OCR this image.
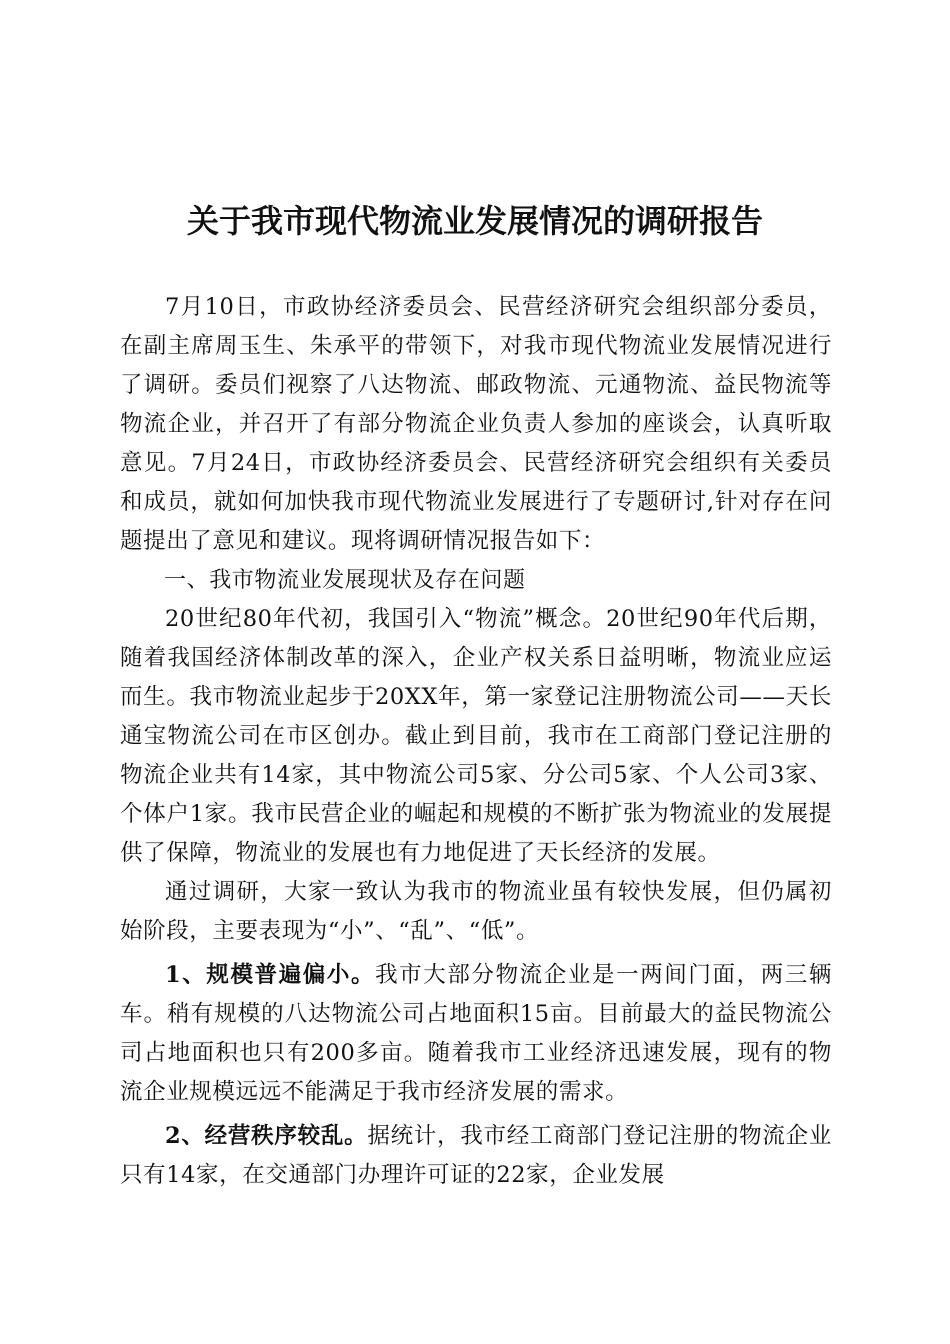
关于我市现代物流业发展情况的调研报告

7月10日，市政协经济委员会、民营经济研究会组织部分委员，在副主席周玉生、朱承平的带领下，对我市现代物流业发展情况进行了调研。委员们视察了八达物流、邮政物流、元通物流、益民物流等物流企业，并召开了有部分物流企业负责人参加的座谈会，认真听取意见。7月24日，市政协经济委员会、民营经济研究会组织有关委员和成员，就如何加快我市现代物流业发展进行了专题研讨,针对存在问题提出了意见和建议。现将调研情况报告如下：

一、我市物流业发展现状及存在问题

20世纪80年代初，我国引入“物流”概念。20世纪90年代后期，随着我国经济体制改革的深入，企业产权关系日益明晰，物流业应运而生。我市物流业起步于20XX年，第一家登记注册物流公司——天长通宝物流公司在市区创办。截止到目前，我市在工商部门登记注册的物流企业共有14家，其中物流公司5家、分公司5家、个人公司3家、个体户1家。我市民营企业的崛起和规模的不断扩张为物流业的发展提供了保障，物流业的发展也有力地促进了天长经济的发展。

通过调研，大家一致认为我市的物流业虽有较快发展，但仍属初始阶段，主要表现为“小”、“乱”、“低”。

1、规模普遍偏小。我市大部分物流企业是一两间门面，两三辆车。稍有规模的八达物流公司占地面积15亩。目前最大的益民物流公司占地面积也只有200多亩。随着我市工业经济迅速发展，现有的物流企业规模远远不能满足于我市经济发展的需求。

2、经营秩序较乱。据统计，我市经工商部门登记注册的物流企业只有14家，在交通部门办理许可证的22家，企业发展
